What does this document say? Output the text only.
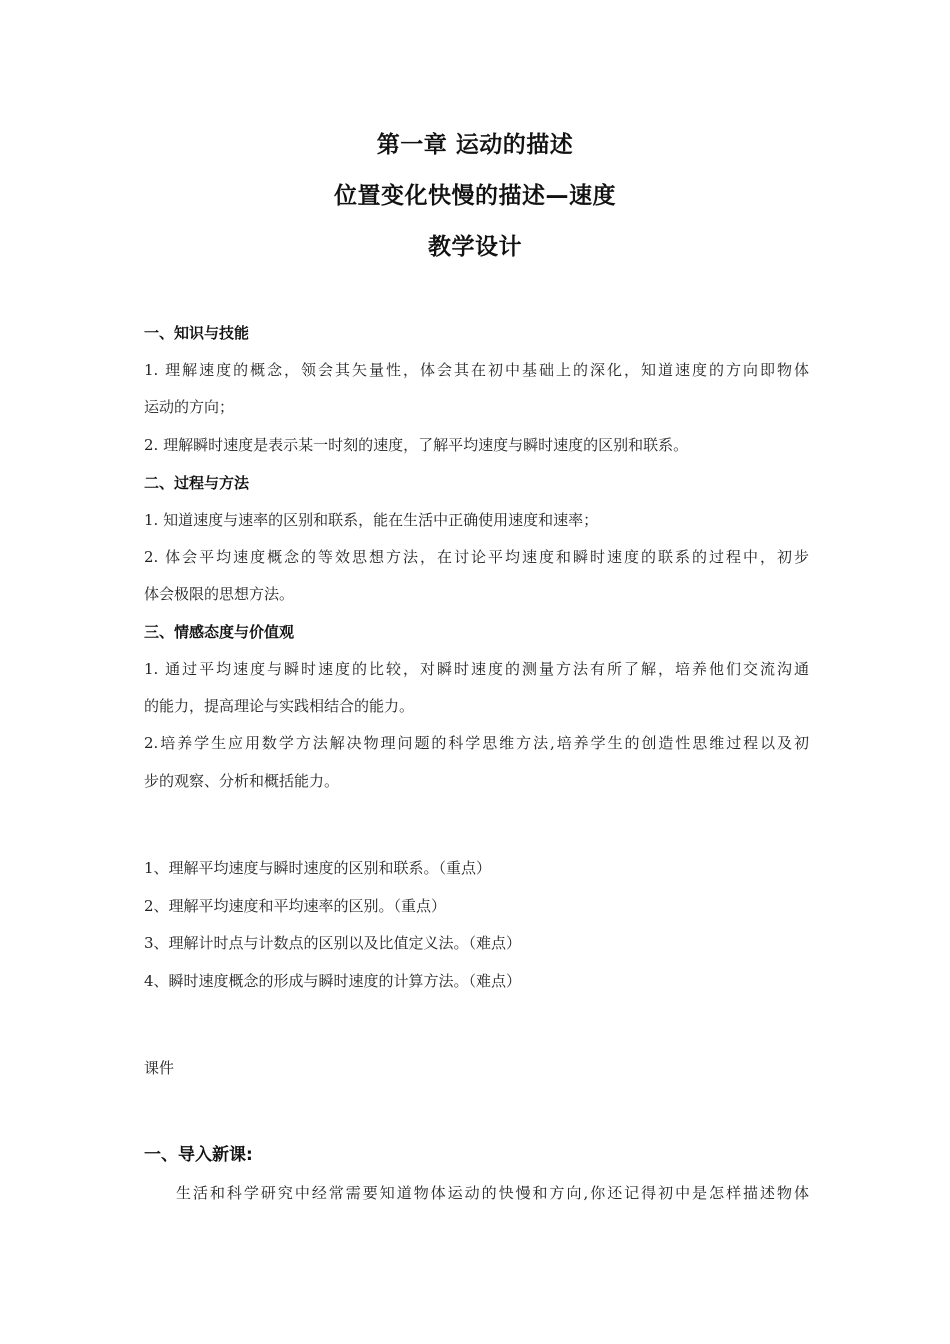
第一章 运动的描述
位置变化快慢的描述—速度
教学设计
一、知识与技能
1. 理解速度的概念，领会其矢量性，体会其在初中基础上的深化，知道速度的方向即物体
运动的方向；
2. 理解瞬时速度是表示某一时刻的速度，了解平均速度与瞬时速度的区别和联系。
二、过程与方法
1. 知道速度与速率的区别和联系，能在生活中正确使用速度和速率；
2. 体会平均速度概念的等效思想方法，在讨论平均速度和瞬时速度的联系的过程中，初步
体会极限的思想方法。
三、情感态度与价值观
1. 通过平均速度与瞬时速度的比较，对瞬时速度的测量方法有所了解，培养他们交流沟通
的能力，提高理论与实践相结合的能力。
2.培养学生应用数学方法解决物理问题的科学思维方法,培养学生的创造性思维过程以及初
步的观察、分析和概括能力。
1、理解平均速度与瞬时速度的区别和联系。（重点）
2、理解平均速度和平均速率的区别。（重点）
3、理解计时点与计数点的区别以及比值定义法。（难点）
4、瞬时速度概念的形成与瞬时速度的计算方法。（难点）
课件
一、导入新课:
生活和科学研究中经常需要知道物体运动的快慢和方向,你还记得初中是怎样描述物体
